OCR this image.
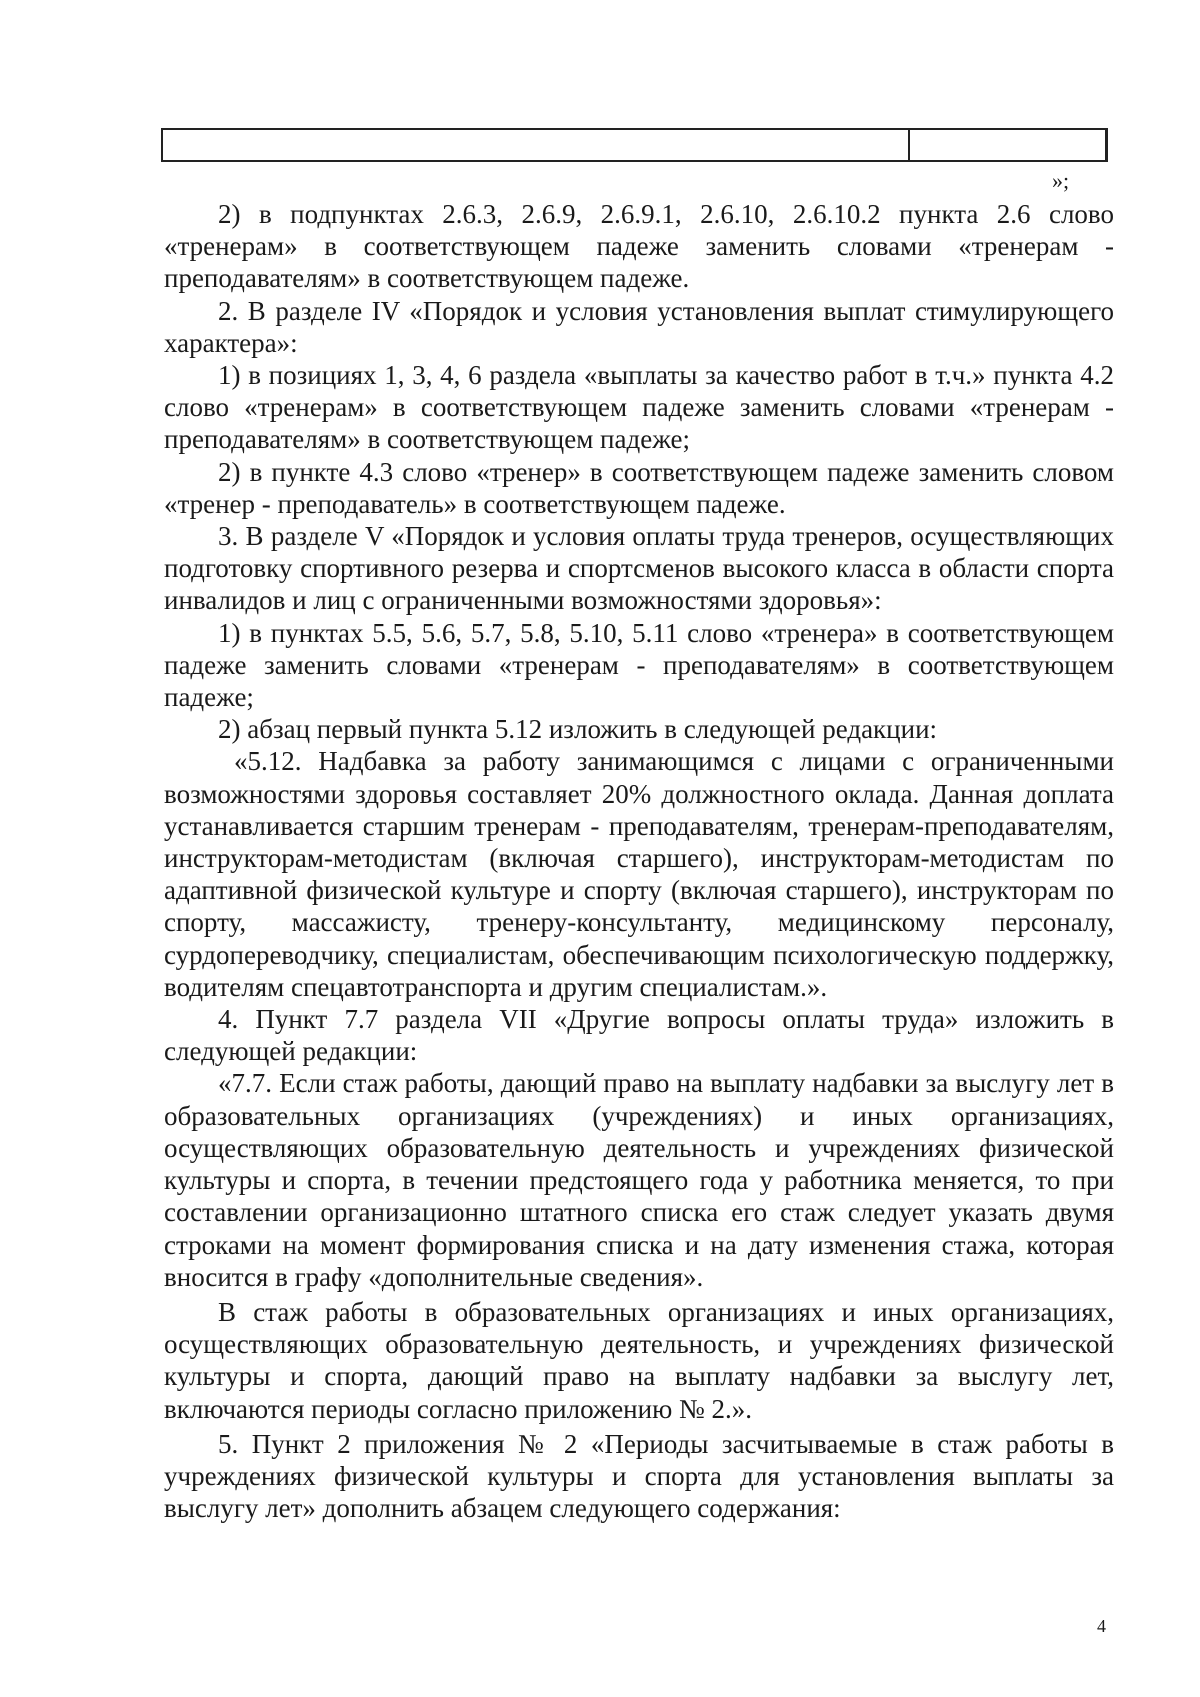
»;

2) в подпунктах 2.6.3, 2.6.9, 2.6.9.1, 2.6.10, 2.6.10.2 пункта 2.6 слово «тренерам» в соответствующем падеже заменить словами «тренерам - преподавателям» в соответствующем падеже.

2. В разделе IV «Порядок и условия установления выплат стимулирующего характера»:

1) в позициях 1, 3, 4, 6 раздела «выплаты за качество работ в т.ч.» пункта 4.2 слово «тренерам» в соответствующем падеже заменить словами «тренерам - преподавателям» в соответствующем падеже;

2) в пункте 4.3 слово «тренер» в соответствующем падеже заменить словом «тренер - преподаватель» в соответствующем падеже.

3. В разделе V «Порядок и условия оплаты труда тренеров, осуществляющих подготовку спортивного резерва и спортсменов высокого класса в области спорта инвалидов и лиц с ограниченными возможностями здоровья»:

1) в пунктах 5.5, 5.6, 5.7, 5.8, 5.10, 5.11 слово «тренера» в соответствующем падеже заменить словами «тренерам - преподавателям» в соответствующем падеже;

2) абзац первый пункта 5.12 изложить в следующей редакции:

«5.12. Надбавка за работу занимающимся с лицами с ограниченными возможностями здоровья составляет 20% должностного оклада. Данная доплата устанавливается старшим тренерам - преподавателям, тренерам-преподавателям, инструкторам-методистам (включая старшего), инструкторам-методистам по адаптивной физической культуре и спорту (включая старшего), инструкторам по спорту, массажисту, тренеру-консультанту, медицинскому персоналу, сурдопереводчику, специалистам, обеспечивающим психологическую поддержку, водителям спецавтотранспорта и другим специалистам.».

4. Пункт 7.7 раздела VII «Другие вопросы оплаты труда» изложить в следующей редакции:

«7.7. Если стаж работы, дающий право на выплату надбавки за выслугу лет в образовательных организациях (учреждениях) и иных организациях, осуществляющих образовательную деятельность и учреждениях физической культуры и спорта, в течении предстоящего года у работника меняется, то при составлении организационно штатного списка его стаж следует указать двумя строками на момент формирования списка и на дату изменения стажа, которая вносится в графу «дополнительные сведения».

В стаж работы в образовательных организациях и иных организациях, осуществляющих образовательную деятельность, и учреждениях физической культуры и спорта, дающий право на выплату надбавки за выслугу лет, включаются периоды согласно приложению № 2.».

5. Пункт 2 приложения № 2 «Периоды засчитываемые в стаж работы в учреждениях физической культуры и спорта для установления выплаты за выслугу лет» дополнить абзацем следующего содержания:

4
